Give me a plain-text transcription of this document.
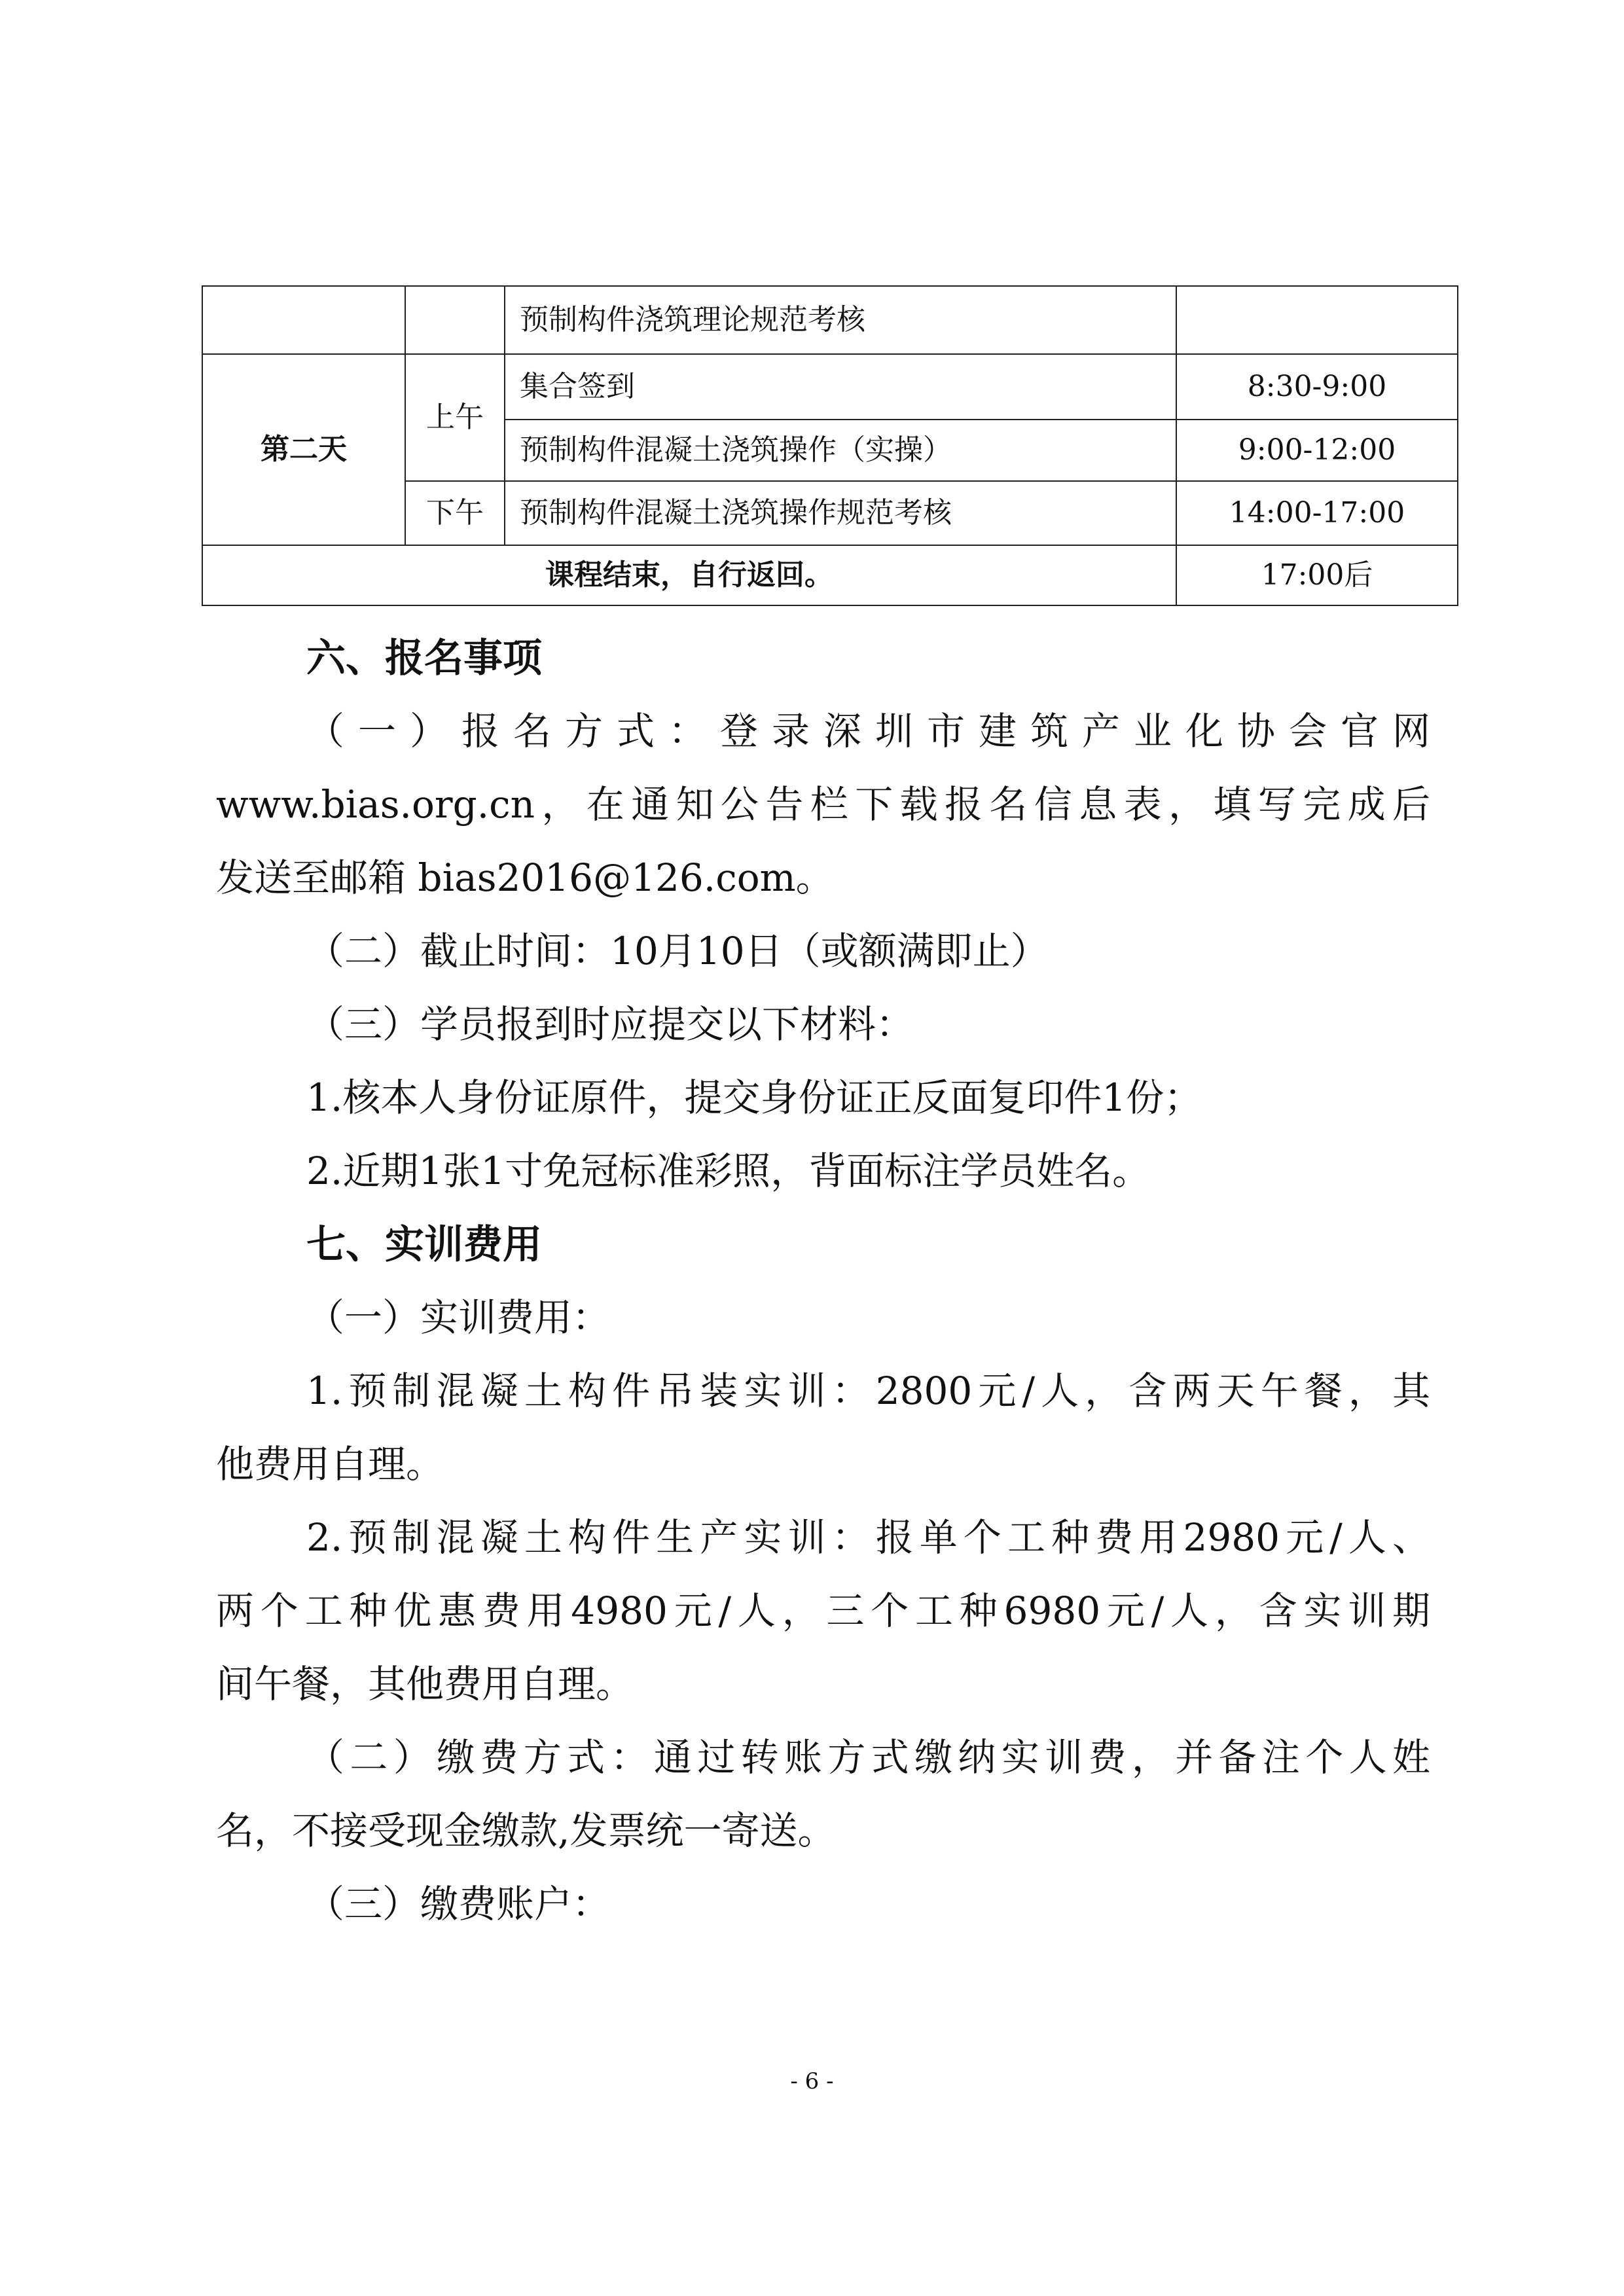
		预制构件浇筑理论规范考核	
第二天	上午	集合签到	8:30-9:00
		预制构件混凝土浇筑操作（实操）	9:00-12:00
	下午	预制构件混凝土浇筑操作规范考核	14:00-17:00
课程结束，自行返回。			17:00后
六、报名事项
（一）报名方式：登录深圳市建筑产业化协会官网
www.bias.org.cn，在通知公告栏下载报名信息表，填写完成后
发送至邮箱 bias2016@126.com。
（二）截止时间：10月10日（或额满即止）
（三）学员报到时应提交以下材料：
1.核本人身份证原件，提交身份证正反面复印件1份；
2.近期1张1寸免冠标准彩照，背面标注学员姓名。
七、实训费用
（一）实训费用：
1.预制混凝土构件吊装实训：2800元/人，含两天午餐，其
他费用自理。
2.预制混凝土构件生产实训：报单个工种费用2980元/人、
两个工种优惠费用4980元/人，三个工种6980元/人，含实训期
间午餐，其他费用自理。
（二）缴费方式：通过转账方式缴纳实训费，并备注个人姓
名，不接受现金缴款,发票统一寄送。
（三）缴费账户：
- 6 -
